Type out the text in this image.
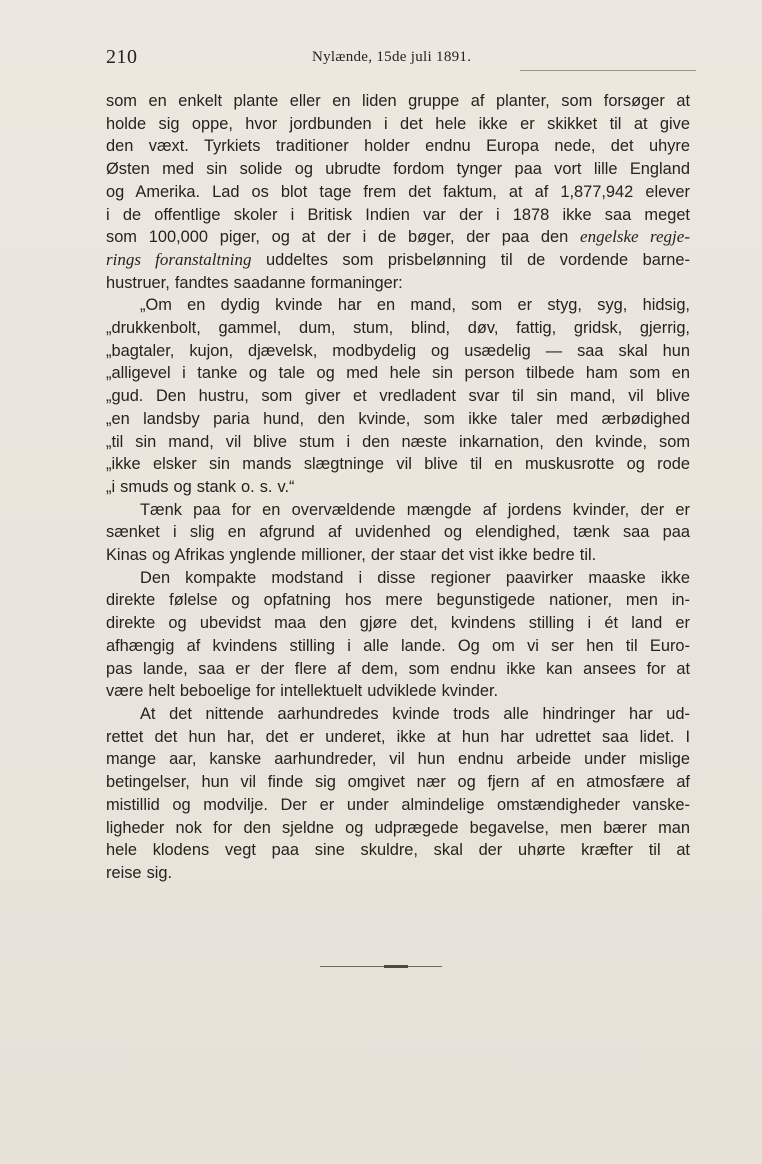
210	Nylænde, 15de juli 1891.

som en enkelt plante eller en liden gruppe af planter, som forsøger at
holde sig oppe, hvor jordbunden i det hele ikke er skikket til at give
den væxt. Tyrkiets traditioner holder endnu Europa nede, det uhyre
Østen med sin solide og ubrudte fordom tynger paa vort lille England
og Amerika. Lad os blot tage frem det faktum, at af 1,877,942 elever
i de offentlige skoler i Britisk Indien var der i 1878 ikke saa meget
som 100,000 piger, og at der i de bøger, der paa den engelske regje-
rings foranstaltning uddeltes som prisbelønning til de vordende barne-
hustruer, fandtes saadanne formaninger:

„Om en dydig kvinde har en mand, som er styg, syg, hidsig,
„drukkenbolt, gammel, dum, stum, blind, døv, fattig, gridsk, gjerrig,
„bagtaler, kujon, djævelsk, modbydelig og usædelig — saa skal hun
„alligevel i tanke og tale og med hele sin person tilbede ham som en
„gud. Den hustru, som giver et vredladent svar til sin mand, vil blive
„en landsby paria hund, den kvinde, som ikke taler med ærbødighed
„til sin mand, vil blive stum i den næste inkarnation, den kvinde, som
„ikke elsker sin mands slægtninge vil blive til en muskusrotte og rode
„i smuds og stank o. s. v.“

Tænk paa for en overvældende mængde af jordens kvinder, der er
sænket i slig en afgrund af uvidenhed og elendighed, tænk saa paa
Kinas og Afrikas ynglende millioner, der staar det vist ikke bedre til.

Den kompakte modstand i disse regioner paavirker maaske ikke
direkte følelse og opfatning hos mere begunstigede nationer, men in-
direkte og ubevidst maa den gjøre det, kvindens stilling i ét land er
afhængig af kvindens stilling i alle lande. Og om vi ser hen til Euro-
pas lande, saa er der flere af dem, som endnu ikke kan ansees for at
være helt beboelige for intellektuelt udviklede kvinder.

At det nittende aarhundredes kvinde trods alle hindringer har ud-
rettet det hun har, det er underet, ikke at hun har udrettet saa lidet. I
mange aar, kanske aarhundreder, vil hun endnu arbeide under mislige
betingelser, hun vil finde sig omgivet nær og fjern af en atmosfære af
mistillid og modvilje. Der er under almindelige omstændigheder vanske-
ligheder nok for den sjeldne og udprægede begavelse, men bærer man
hele klodens vegt paa sine skuldre, skal der uhørte kræfter til at
reise sig.
